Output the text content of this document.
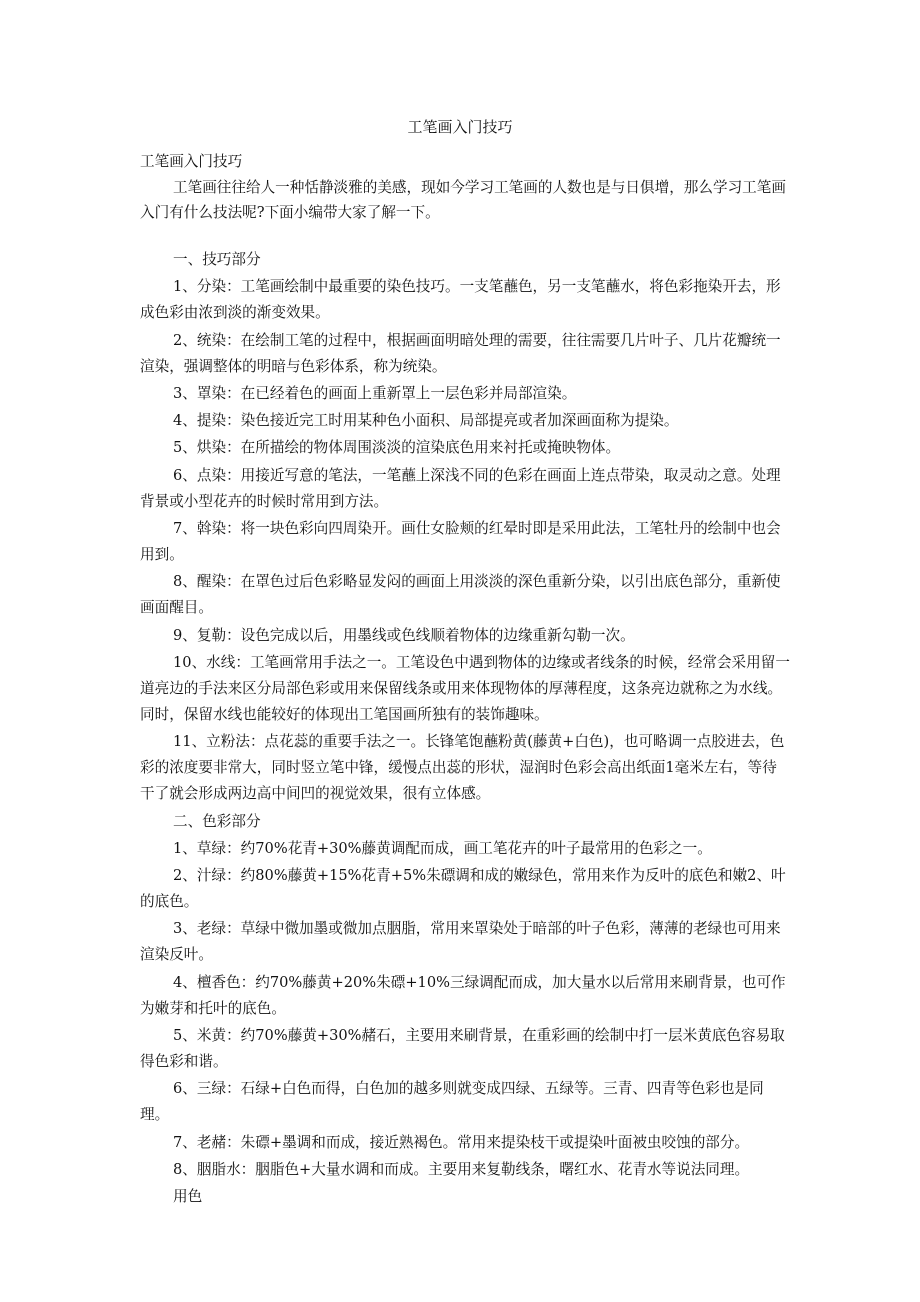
工笔画入门技巧

工笔画入门技巧

工笔画往往给人一种恬静淡雅的美感，现如今学习工笔画的人数也是与日俱增，那么学习工笔画入门有什么技法呢?下面小编带大家了解一下。

一、技巧部分

1、分染：工笔画绘制中最重要的染色技巧。一支笔蘸色，另一支笔蘸水，将色彩拖染开去，形成色彩由浓到淡的渐变效果。

2、统染：在绘制工笔的过程中，根据画面明暗处理的需要，往往需要几片叶子、几片花瓣统一渲染，强调整体的明暗与色彩体系，称为统染。

3、罩染：在已经着色的画面上重新罩上一层色彩并局部渲染。

4、提染：染色接近完工时用某种色小面积、局部提亮或者加深画面称为提染。

5、烘染：在所描绘的物体周围淡淡的渲染底色用来衬托或掩映物体。

6、点染：用接近写意的笔法，一笔蘸上深浅不同的色彩在画面上连点带染，取灵动之意。处理背景或小型花卉的时候时常用到方法。

7、斡染：将一块色彩向四周染开。画仕女脸颊的红晕时即是采用此法，工笔牡丹的绘制中也会用到。

8、醒染：在罩色过后色彩略显发闷的画面上用淡淡的深色重新分染，以引出底色部分，重新使画面醒目。

9、复勒：设色完成以后，用墨线或色线顺着物体的边缘重新勾勒一次。

10、水线：工笔画常用手法之一。工笔设色中遇到物体的边缘或者线条的时候，经常会采用留一道亮边的手法来区分局部色彩或用来保留线条或用来体现物体的厚薄程度，这条亮边就称之为水线。同时，保留水线也能较好的体现出工笔国画所独有的装饰趣味。

11、立粉法：点花蕊的重要手法之一。长锋笔饱蘸粉黄(藤黄+白色)，也可略调一点胶进去，色彩的浓度要非常大，同时竖立笔中锋，缓慢点出蕊的形状，湿润时色彩会高出纸面1毫米左右，等待干了就会形成两边高中间凹的视觉效果，很有立体感。

二、色彩部分

1、草绿：约70%花青+30%藤黄调配而成，画工笔花卉的叶子最常用的色彩之一。

2、汁绿：约80%藤黄+15%花青+5%朱磦调和成的嫩绿色，常用来作为反叶的底色和嫩2、叶的底色。

3、老绿：草绿中微加墨或微加点胭脂，常用来罩染处于暗部的叶子色彩，薄薄的老绿也可用来渲染反叶。

4、檀香色：约70%藤黄+20%朱磦+10%三绿调配而成，加大量水以后常用来刷背景，也可作为嫩芽和托叶的底色。

5、米黄：约70%藤黄+30%赭石，主要用来刷背景，在重彩画的绘制中打一层米黄底色容易取得色彩和谐。

6、三绿：石绿+白色而得，白色加的越多则就变成四绿、五绿等。三青、四青等色彩也是同理。

7、老赭：朱磦+墨调和而成，接近熟褐色。常用来提染枝干或提染叶面被虫咬蚀的部分。

8、胭脂水：胭脂色+大量水调和而成。主要用来复勒线条，曙红水、花青水等说法同理。

用色
